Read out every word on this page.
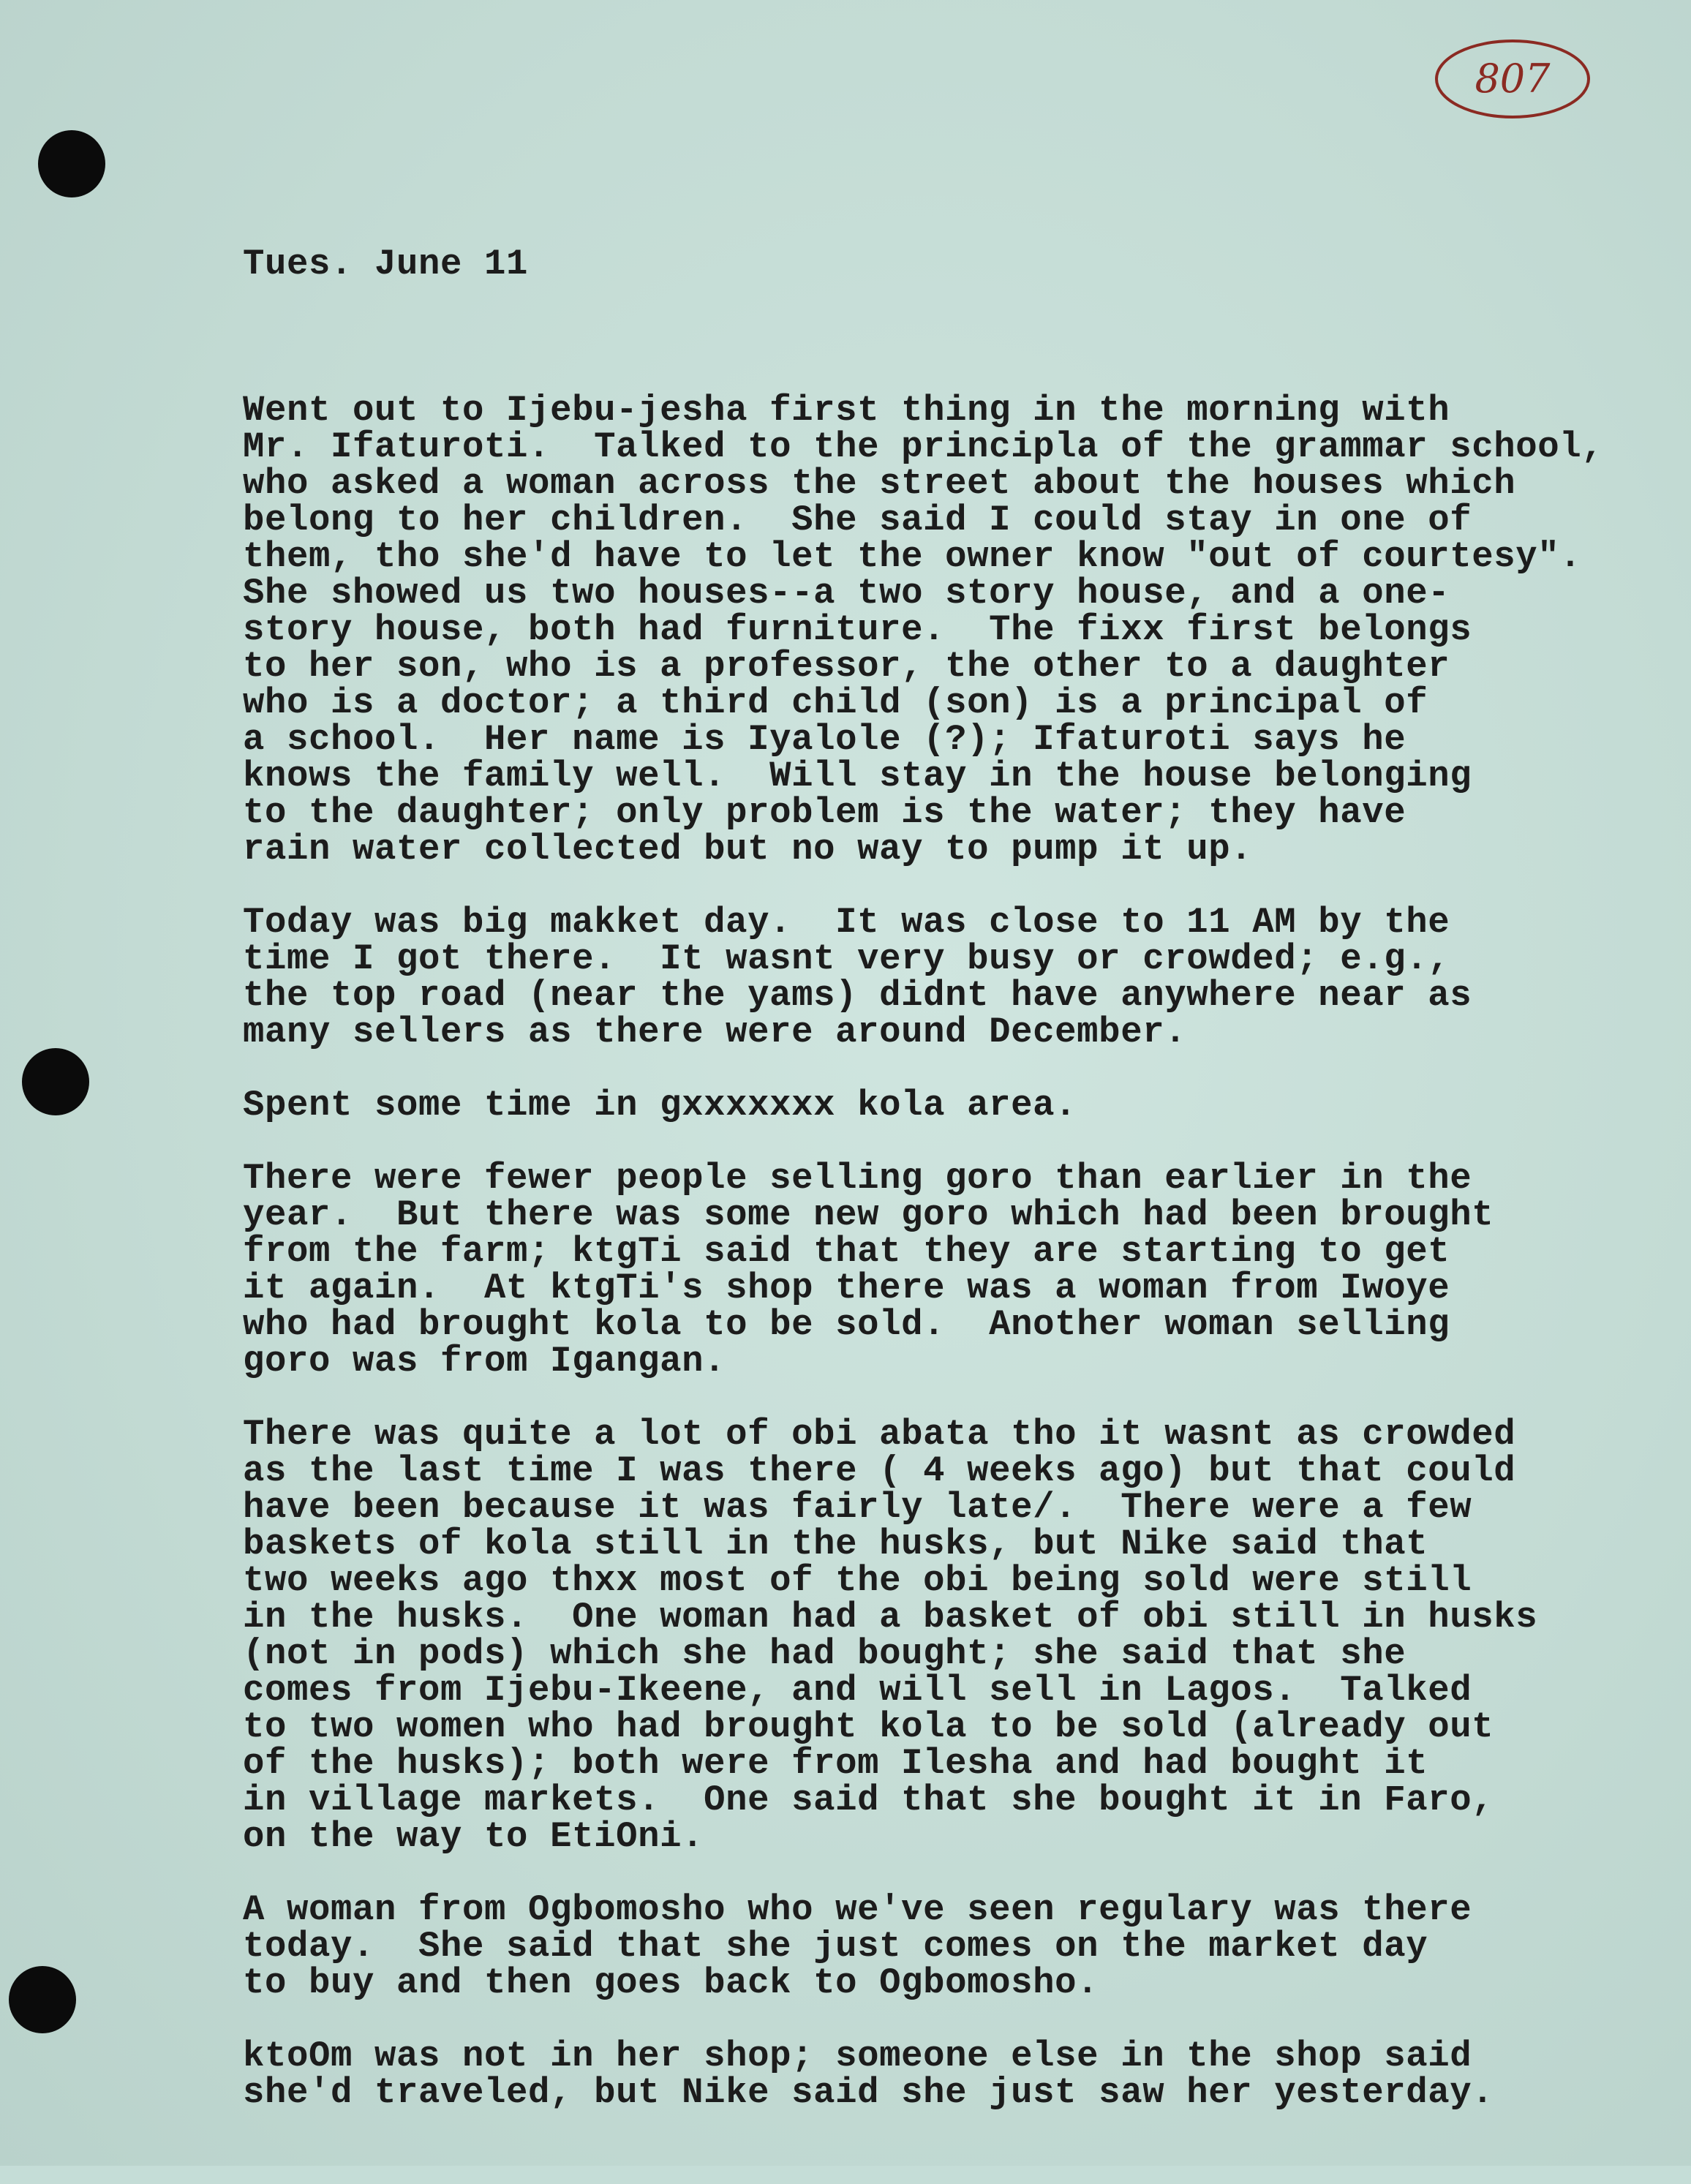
807

Tues. June 11

Went out to Ijebu-jesha first thing in the morning with
Mr. Ifaturoti.  Talked to the principla of the grammar school,
who asked a woman across the street about the houses which
belong to her children.  She said I could stay in one of
them, tho she'd have to let the owner know "out of courtesy".
She showed us two houses--a two story house, and a one-
story house, both had furniture.  The fixx first belongs
to her son, who is a professor, the other to a daughter
who is a doctor; a third child (son) is a principal of
a school.  Her name is Iyalole (?); Ifaturoti says he
knows the family well.  Will stay in the house belonging
to the daughter; only problem is the water; they have
rain water collected but no way to pump it up.
Today was big makket day.  It was close to 11 AM by the
time I got there.  It wasnt very busy or crowded; e.g.,
the top road (near the yams) didnt have anywhere near as
many sellers as there were around December.
Spent some time in gxxxxxxx kola area.
There were fewer people selling goro than earlier in the
year.  But there was some new goro which had been brought
from the farm; ktgTi said that they are starting to get
it again.  At ktgTi's shop there was a woman from Iwoye
who had brought kola to be sold.  Another woman selling
goro was from Igangan.
There was quite a lot of obi abata tho it wasnt as crowded
as the last time I was there ( 4 weeks ago) but that could
have been because it was fairly late/.  There were a few
baskets of kola still in the husks, but Nike said that
two weeks ago thxx most of the obi being sold were still
in the husks.  One woman had a basket of obi still in husks
(not in pods) which she had bought; she said that she
comes from Ijebu-Ikeene, and will sell in Lagos.  Talked
to two women who had brought kola to be sold (already out
of the husks); both were from Ilesha and had bought it
in village markets.  One said that she bought it in Faro,
on the way to EtiOni.
A woman from Ogbomosho who we've seen regulary was there
today.  She said that she just comes on the market day
to buy and then goes back to Ogbomosho.
ktoOm was not in her shop; someone else in the shop said
she'd traveled, but Nike said she just saw her yesterday.
